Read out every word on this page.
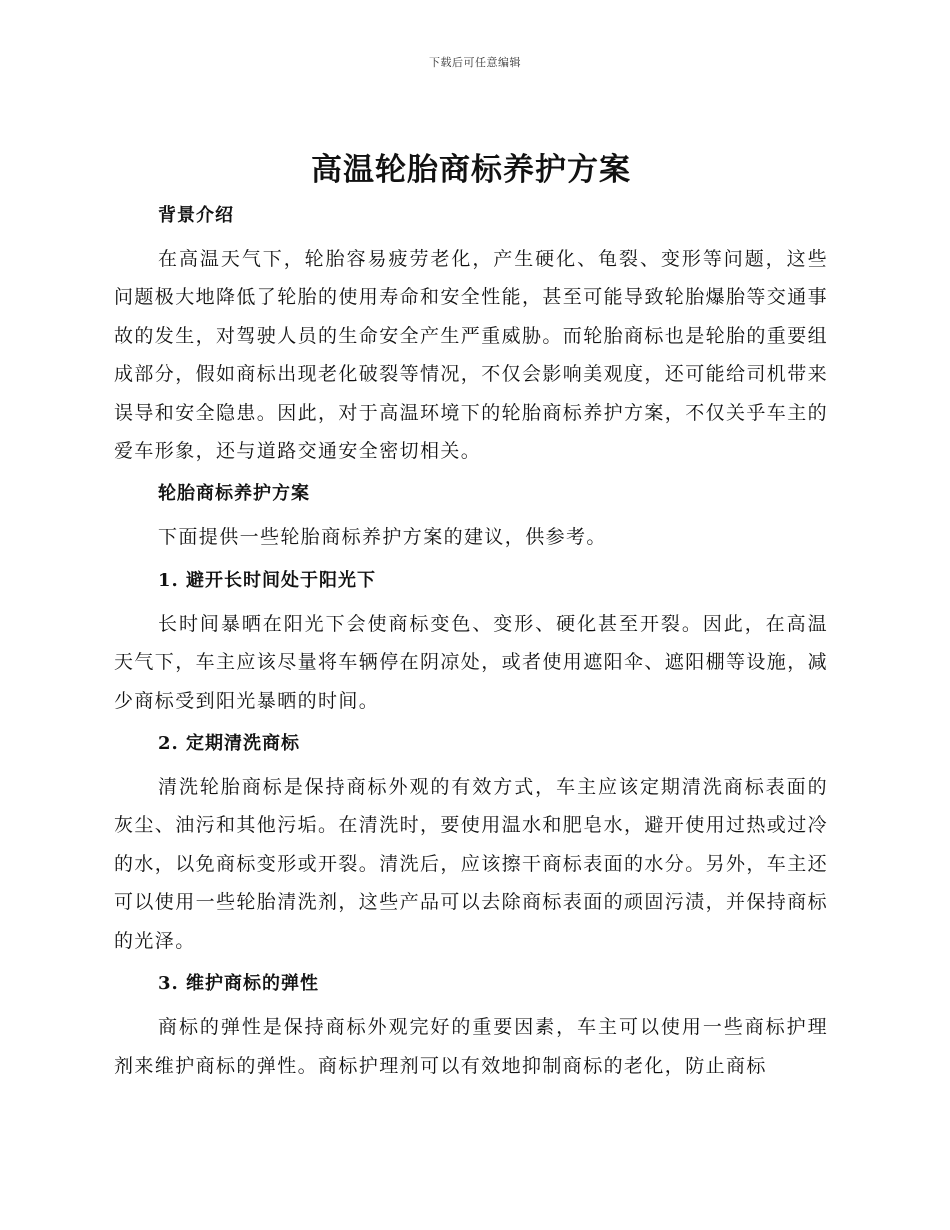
下载后可任意编辑
高温轮胎商标养护方案
背景介绍

在高温天气下，轮胎容易疲劳老化，产生硬化、龟裂、变形等问题，这些问题极大地降低了轮胎的使用寿命和安全性能，甚至可能导致轮胎爆胎等交通事故的发生，对驾驶人员的生命安全产生严重威胁。而轮胎商标也是轮胎的重要组成部分，假如商标出现老化破裂等情况，不仅会影响美观度，还可能给司机带来误导和安全隐患。因此，对于高温环境下的轮胎商标养护方案，不仅关乎车主的爱车形象，还与道路交通安全密切相关。

轮胎商标养护方案

下面提供一些轮胎商标养护方案的建议，供参考。

1. 避开长时间处于阳光下

长时间暴晒在阳光下会使商标变色、变形、硬化甚至开裂。因此，在高温天气下，车主应该尽量将车辆停在阴凉处，或者使用遮阳伞、遮阳棚等设施，减少商标受到阳光暴晒的时间。

2. 定期清洗商标

清洗轮胎商标是保持商标外观的有效方式，车主应该定期清洗商标表面的灰尘、油污和其他污垢。在清洗时，要使用温水和肥皂水，避开使用过热或过冷的水，以免商标变形或开裂。清洗后，应该擦干商标表面的水分。另外，车主还可以使用一些轮胎清洗剂，这些产品可以去除商标表面的顽固污渍，并保持商标的光泽。

3. 维护商标的弹性

商标的弹性是保持商标外观完好的重要因素，车主可以使用一些商标护理剂来维护商标的弹性。商标护理剂可以有效地抑制商标的老化，防止商标
